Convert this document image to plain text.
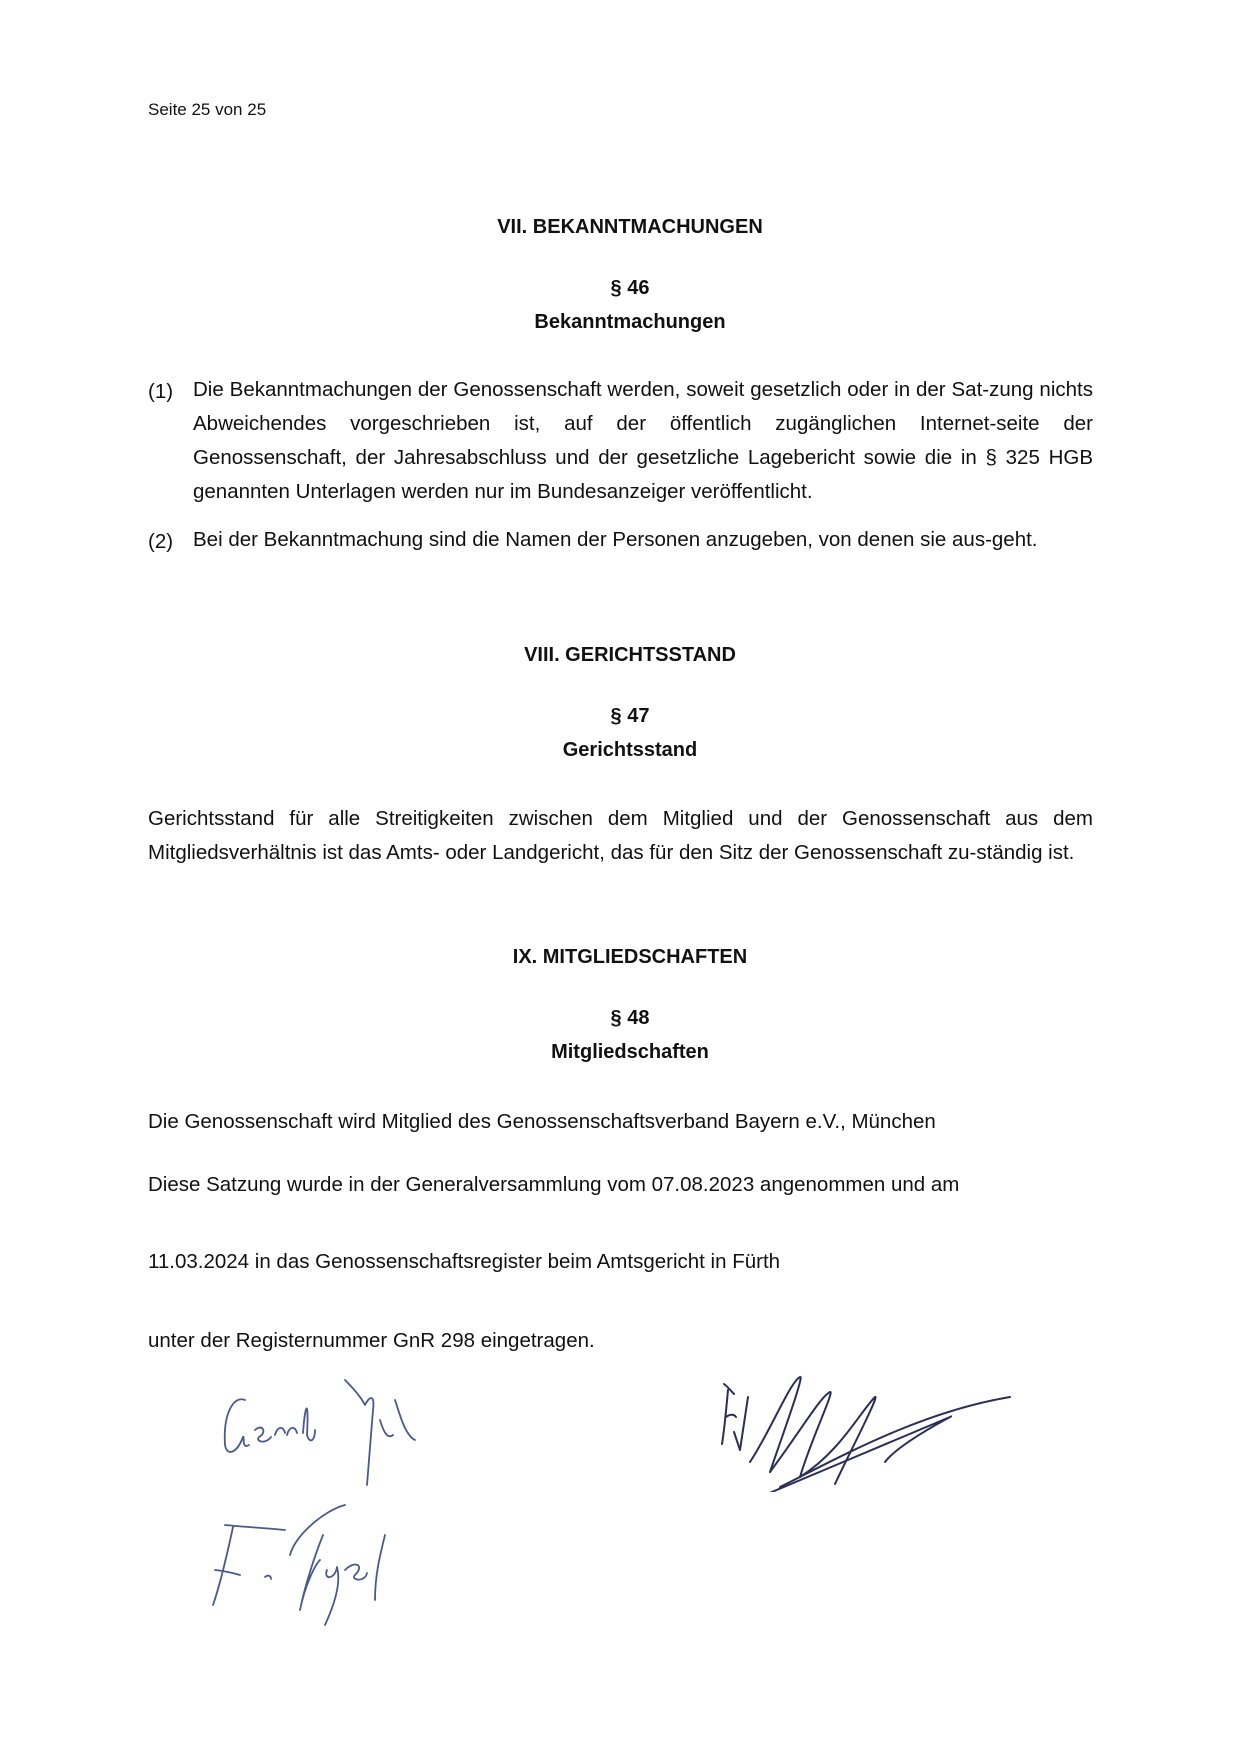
Seite 25 von 25
VII. BEKANNTMACHUNGEN
§ 46
Bekanntmachungen
(1) Die Bekanntmachungen der Genossenschaft werden, soweit gesetzlich oder in der Sat-zung nichts Abweichendes vorgeschrieben ist, auf der öffentlich zugänglichen Internet-seite der Genossenschaft, der Jahresabschluss und der gesetzliche Lagebericht sowie die in § 325 HGB genannten Unterlagen werden nur im Bundesanzeiger veröffentlicht.
(2) Bei der Bekanntmachung sind die Namen der Personen anzugeben, von denen sie aus-geht.
VIII. GERICHTSSTAND
§ 47
Gerichtsstand
Gerichtsstand für alle Streitigkeiten zwischen dem Mitglied und der Genossenschaft aus dem Mitgliedsverhältnis ist das Amts- oder Landgericht, das für den Sitz der Genossenschaft zu-ständig ist.
IX. MITGLIEDSCHAFTEN
§ 48
Mitgliedschaften
Die Genossenschaft wird Mitglied des Genossenschaftsverband Bayern e.V., München
Diese Satzung wurde in der Generalversammlung vom 07.08.2023 angenommen und am
11.03.2024 in das Genossenschaftsregister beim Amtsgericht in Fürth
unter der Registernummer GnR 298 eingetragen.
